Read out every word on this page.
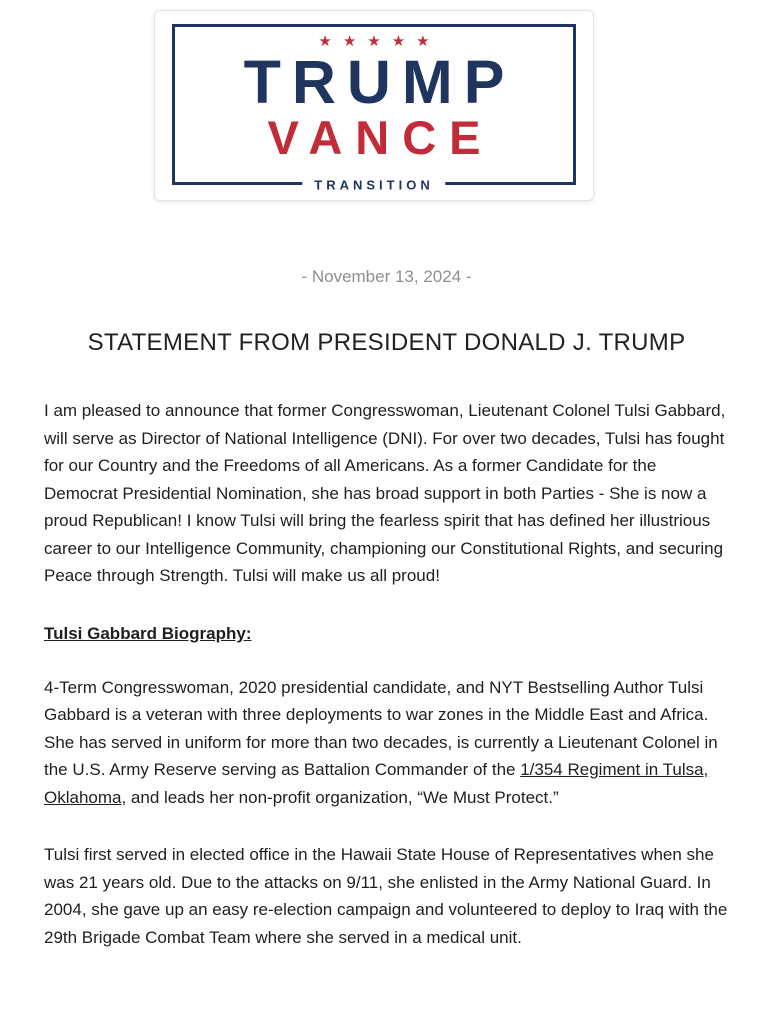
★★★★★
TRUMP
VANCE
TRANSITION
- November 13, 2024 -
STATEMENT FROM PRESIDENT DONALD J. TRUMP

I am pleased to announce that former Congresswoman, Lieutenant Colonel Tulsi Gabbard, will serve as Director of National Intelligence (DNI). For over two decades, Tulsi has fought for our Country and the Freedoms of all Americans. As a former Candidate for the Democrat Presidential Nomination, she has broad support in both Parties - She is now a proud Republican! I know Tulsi will bring the fearless spirit that has defined her illustrious career to our Intelligence Community, championing our Constitutional Rights, and securing Peace through Strength. Tulsi will make us all proud!

Tulsi Gabbard Biography:

4-Term Congresswoman, 2020 presidential candidate, and NYT Bestselling Author Tulsi Gabbard is a veteran with three deployments to war zones in the Middle East and Africa. She has served in uniform for more than two decades, is currently a Lieutenant Colonel in the U.S. Army Reserve serving as Battalion Commander of the 1/354 Regiment in Tulsa, Oklahoma, and leads her non-profit organization, “We Must Protect.”

Tulsi first served in elected office in the Hawaii State House of Representatives when she was 21 years old. Due to the attacks on 9/11, she enlisted in the Army National Guard. In 2004, she gave up an easy re-election campaign and volunteered to deploy to Iraq with the 29th Brigade Combat Team where she served in a medical unit.
